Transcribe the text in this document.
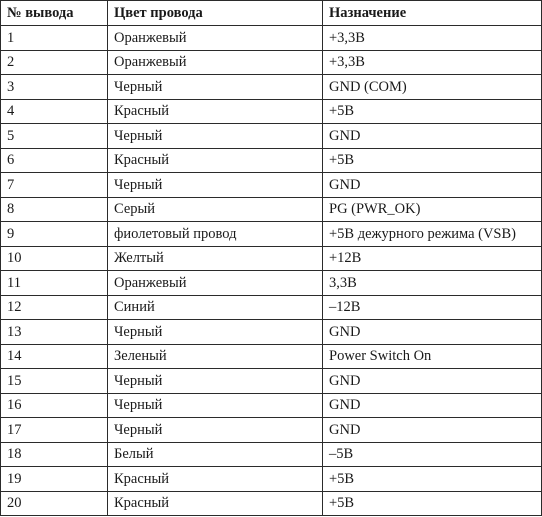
№ вывода	Цвет провода	Назначение
1	Оранжевый	+3,3В
2	Оранжевый	+3,3В
3	Черный	GND (COM)
4	Красный	+5В
5	Черный	GND
6	Красный	+5В
7	Черный	GND
8	Серый	PG (PWR_OK)
9	фиолетовый провод	+5В дежурного режима (VSB)
10	Желтый	+12В
11	Оранжевый	3,3В
12	Синий	–12В
13	Черный	GND
14	Зеленый	Power Switch On
15	Черный	GND
16	Черный	GND
17	Черный	GND
18	Белый	–5В
19	Красный	+5В
20	Красный	+5В
